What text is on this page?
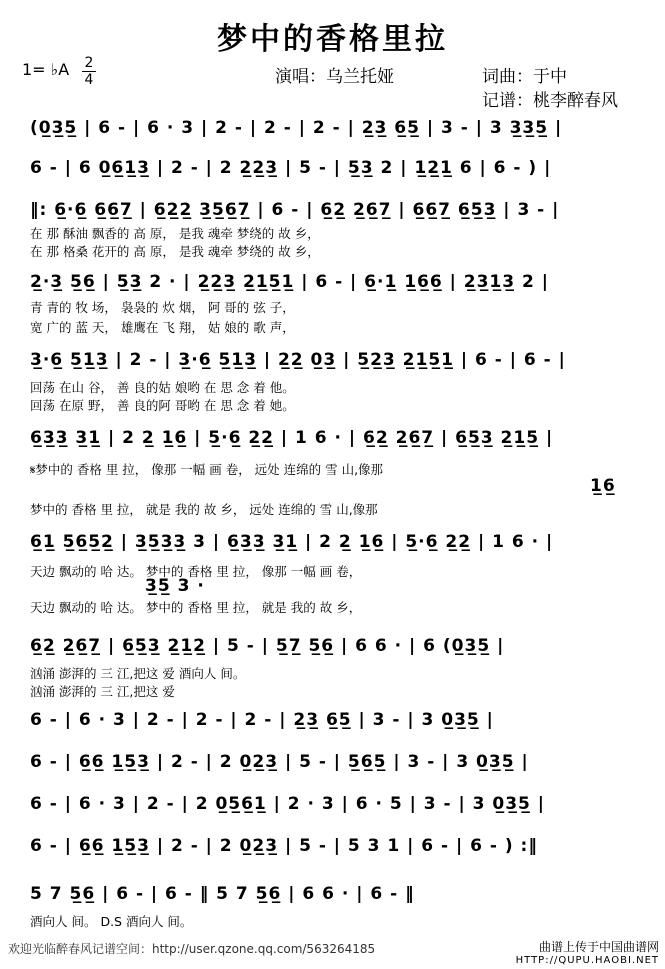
梦中的香格里拉
1= ♭A 2
4	演唱：乌兰托娅	词曲：于中
记谱：桃李醉春风
(0̲3̲5̲ | 6 - | 6 · 3 | 2 - | 2 - | 2 - | 2̲3̲ 6̲5̲ | 3 - | 3 3̲3̲5̲ |
6 - | 6 0̲6̲1̲3̲ | 2 - | 2 2̲2̲3̲ | 5 - | 5̲3̲ 2 | 1̲2̲1̲ 6 | 6 - ) |
‖: 6̲·6̲ 6̲6̲7̲ | 6̲2̲2̲ 3̲5̲6̲7̲ | 6 - | 6̲2̲ 2̲6̲7̲ | 6̲6̲7̲ 6̲5̲3̲ | 3 - |
在 那 酥油 飘香的 高 原， 是我 魂牵 梦绕的 故 乡，
在 那 格桑 花开的 高 原， 是我 魂牵 梦绕的 故 乡，
2̲·3̲ 5̲6̲ | 5̲3̲ 2 · | 2̲2̲3̲ 2̲1̲5̲1̲ | 6 - | 6̲·1̲ 1̲6̲6̲ | 2̲3̲1̲3̲ 2 |
青 青的 牧 场， 袅袅的 炊 烟， 阿 哥的 弦 子，
宽 广的 蓝 天， 雄鹰在 飞 翔， 姑 娘的 歌 声，
3̲·6̲ 5̲1̲3̲ | 2 - | 3̲·6̲ 5̲1̲3̲ | 2̲2̲ 0̲3̲ | 5̲2̲3̲ 2̲1̲5̲1̲ | 6 - | 6 - |
回荡 在山 谷， 善 良的姑 娘哟 在 思 念 着 他。
回荡 在原 野， 善 良的阿 哥哟 在 思 念 着 她。
6̲3̲3̲ 3̲1̲ | 2 2̲ 1̲6̲ | 5̲·6̲ 2̲2̲ | 1 6 · | 6̲2̲ 2̲6̲7̲ | 6̲5̲3̲ 2̲1̲5̲ |
𝄋梦中的 香格 里 拉， 像那 一幅 画 卷， 远处 连绵的 雪 山,像那
1̲6̲
梦中的 香格 里 拉， 就是 我的 故 乡， 远处 连绵的 雪 山,像那
6̲1̲ 5̲6̲5̲2̲ | 3̲5̲3̲3̲ 3 | 6̲3̲3̲ 3̲1̲ | 2 2̲ 1̲6̲ | 5̲·6̲ 2̲2̲ | 1 6 · |
天边 飘动的 哈 达。 梦中的 香格 里 拉， 像那 一幅 画 卷，
3̲5̲ 3 ·
天边 飘动的 哈 达。 梦中的 香格 里 拉， 就是 我的 故 乡，
6̲2̲ 2̲6̲7̲ | 6̲5̲3̲ 2̲1̲2̲ | 5 - | 5̲7̲ 5̲6̲ | 6 6 · | 6 (0̲3̲5̲ |
汹涌 澎湃的 三 江,把这 爱 酒向人 间。
汹涌 澎湃的 三 江,把这 爱
6 - | 6 · 3 | 2 - | 2 - | 2 - | 2̲3̲ 6̲5̲ | 3 - | 3 0̲3̲5̲ |
6 - | 6̲6̲ 1̲5̲3̲ | 2 - | 2 0̲2̲3̲ | 5 - | 5̲6̲5̲ | 3 - | 3 0̲3̲5̲ |
6 - | 6 · 3 | 2 - | 2 0̲5̲6̲1̲ | 2 · 3 | 6 · 5 | 3 - | 3 0̲3̲5̲ |
6 - | 6̲6̲ 1̲5̲3̲ | 2 - | 2 0̲2̲3̲ | 5 - | 5 3 1 | 6 - | 6 - ) :‖
5 7 5̲6̲ | 6 - | 6 - ‖ 5 7 5̲6̲ | 6 6 · | 6 - ‖
酒向人 间。 D.S 酒向人 间。
欢迎光临醉春风记谱空间：http://user.qzone.qq.com/563264185	曲谱上传于中国曲谱网
HTTP://QUPU.HAOBI.NET
